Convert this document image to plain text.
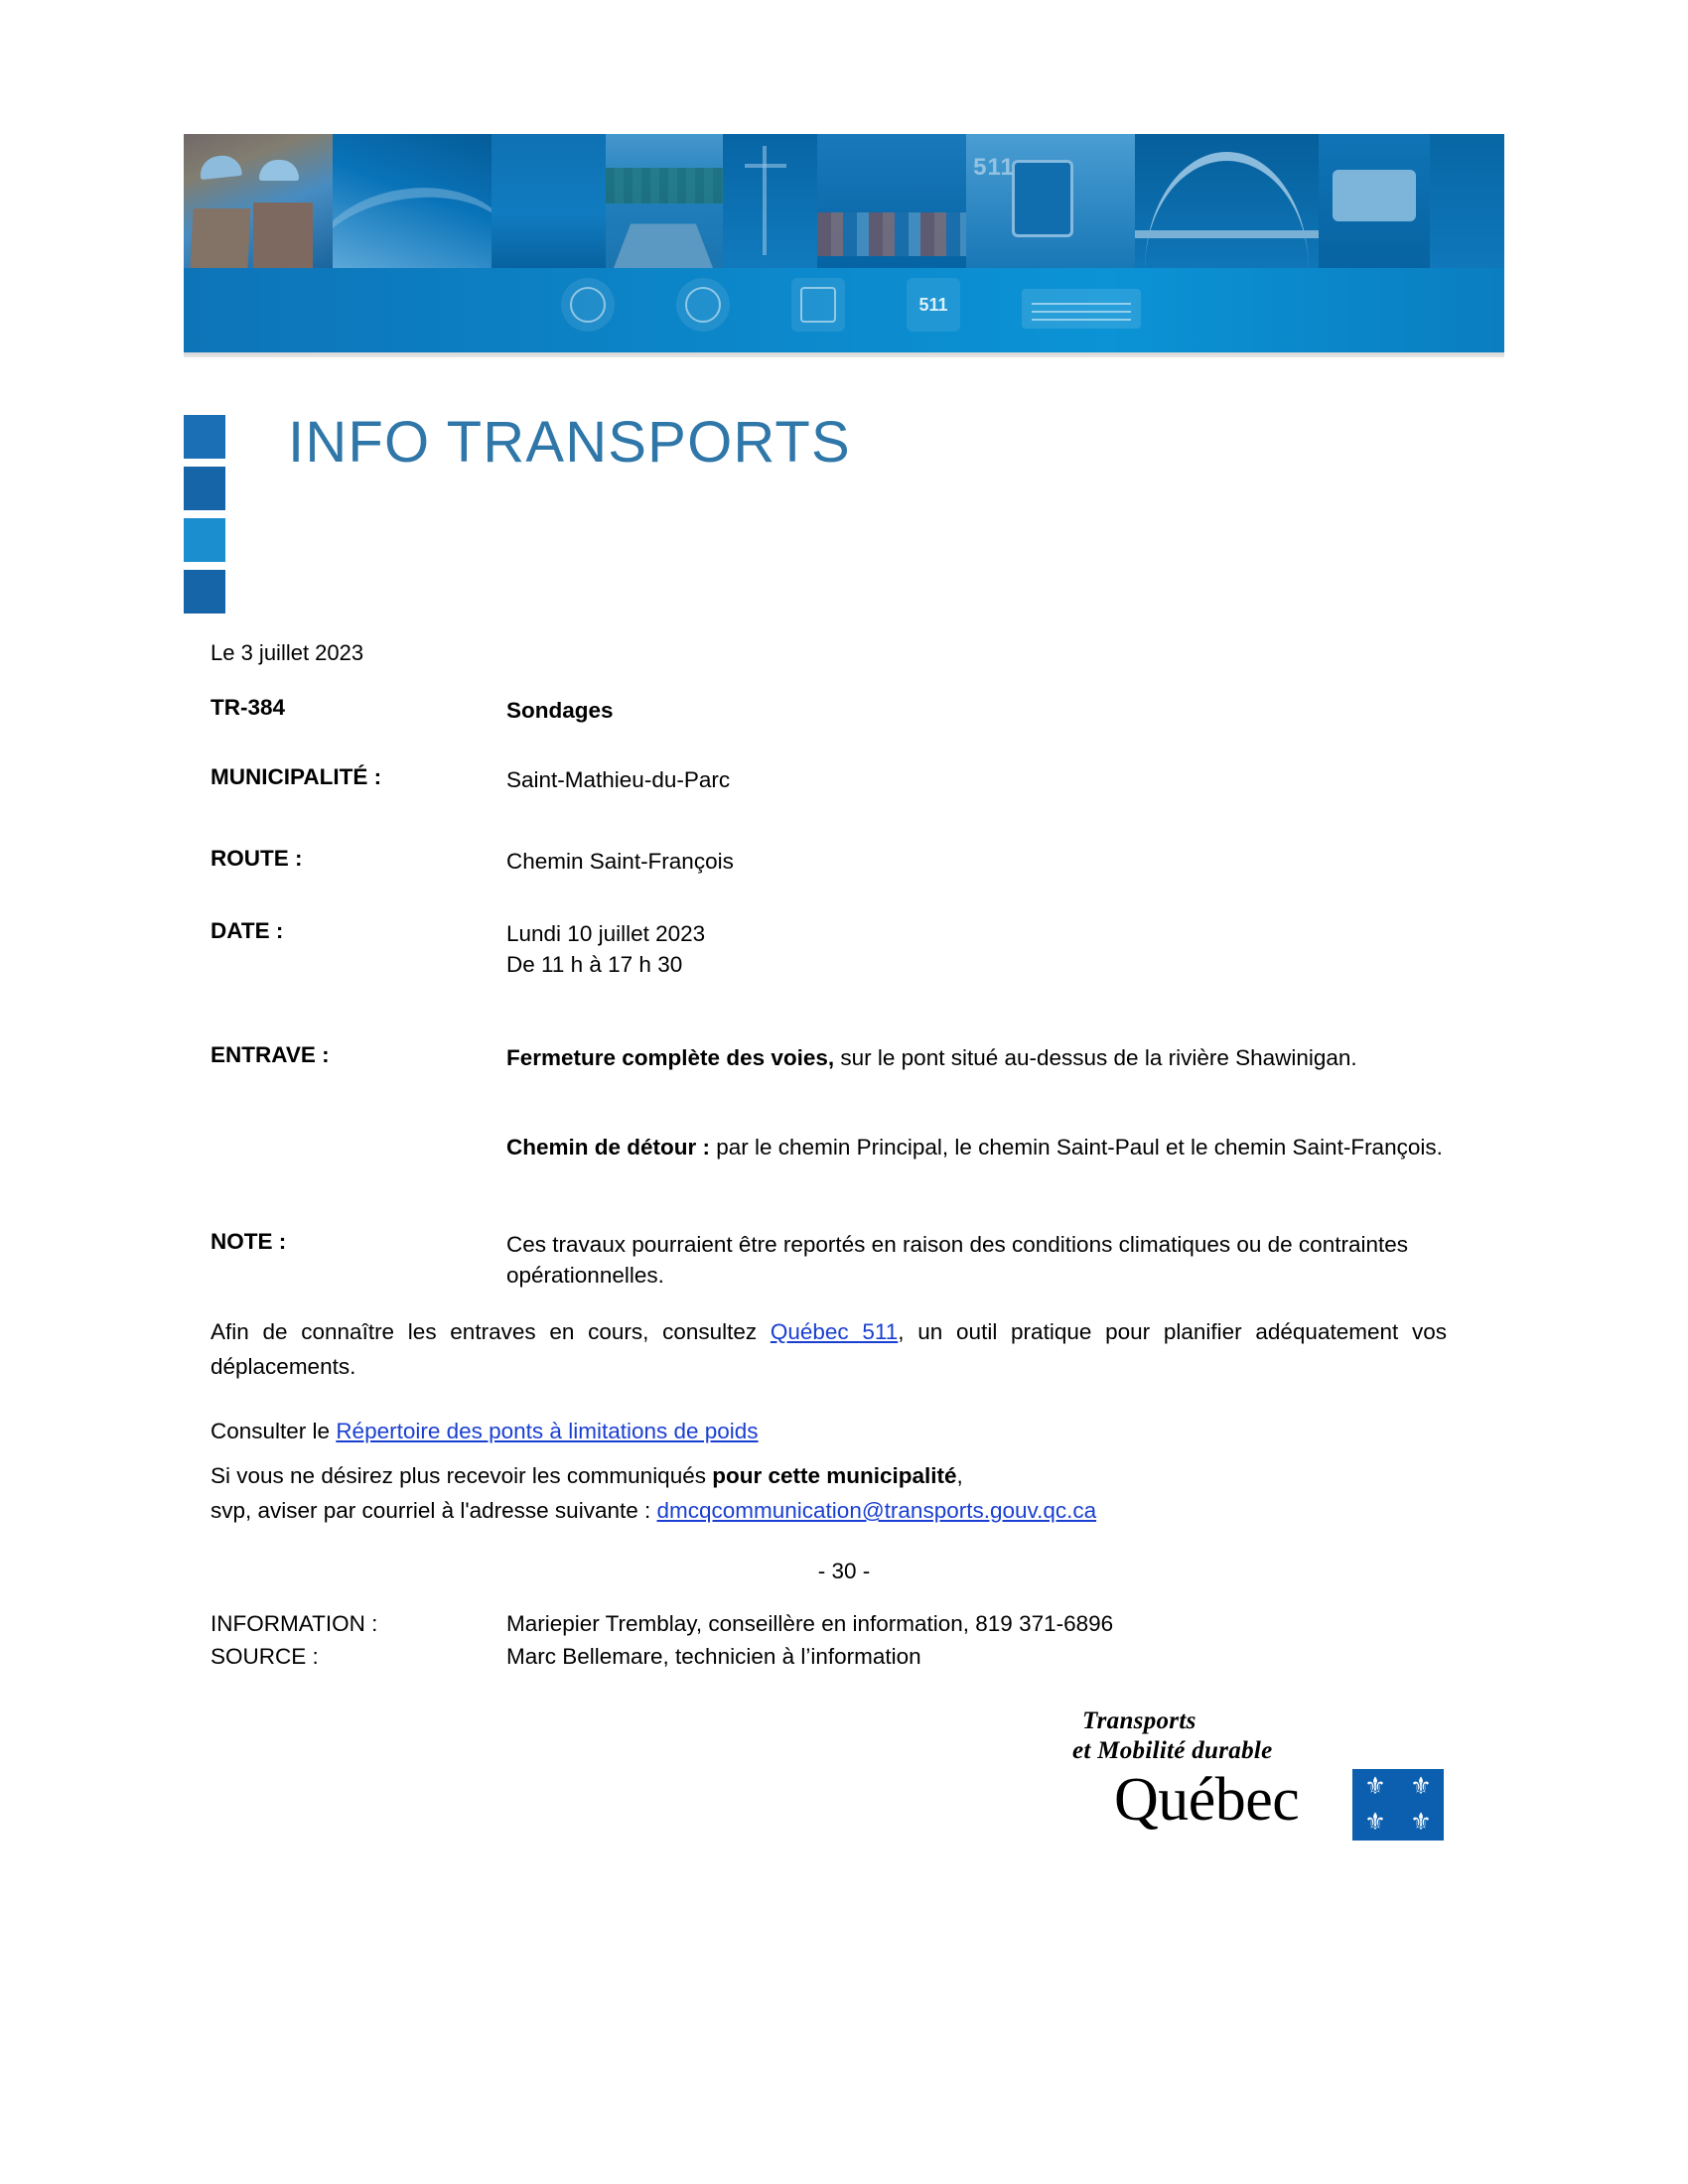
511
511
INFO TRANSPORTS
Le 3 juillet 2023
TR-384	Sondages
MUNICIPALITÉ :	Saint-Mathieu-du-Parc
ROUTE :	Chemin Saint-François
DATE :	Lundi 10 juillet 2023
De 11 h à 17 h 30
ENTRAVE :	Fermeture complète des voies, sur le pont situé au-dessus de la rivière Shawinigan.
Chemin de détour : par le chemin Principal, le chemin Saint-Paul et le chemin Saint-François.
NOTE :	Ces travaux pourraient être reportés en raison des conditions climatiques ou de contraintes opérationnelles.
Afin de connaître les entraves en cours, consultez Québec 511, un outil pratique pour planifier adéquatement vos déplacements.
Consulter le Répertoire des ponts à limitations de poids
Si vous ne désirez plus recevoir les communiqués pour cette municipalité,
svp, aviser par courriel à l'adresse suivante : dmcqcommunication@transports.gouv.qc.ca
- 30 -
INFORMATION :	Mariepier Tremblay, conseillère en information, 819 371-6896
SOURCE :	Marc Bellemare, technicien à l’information
Transports
et Mobilité durable
Québec	⚜	⚜
⚜	⚜
